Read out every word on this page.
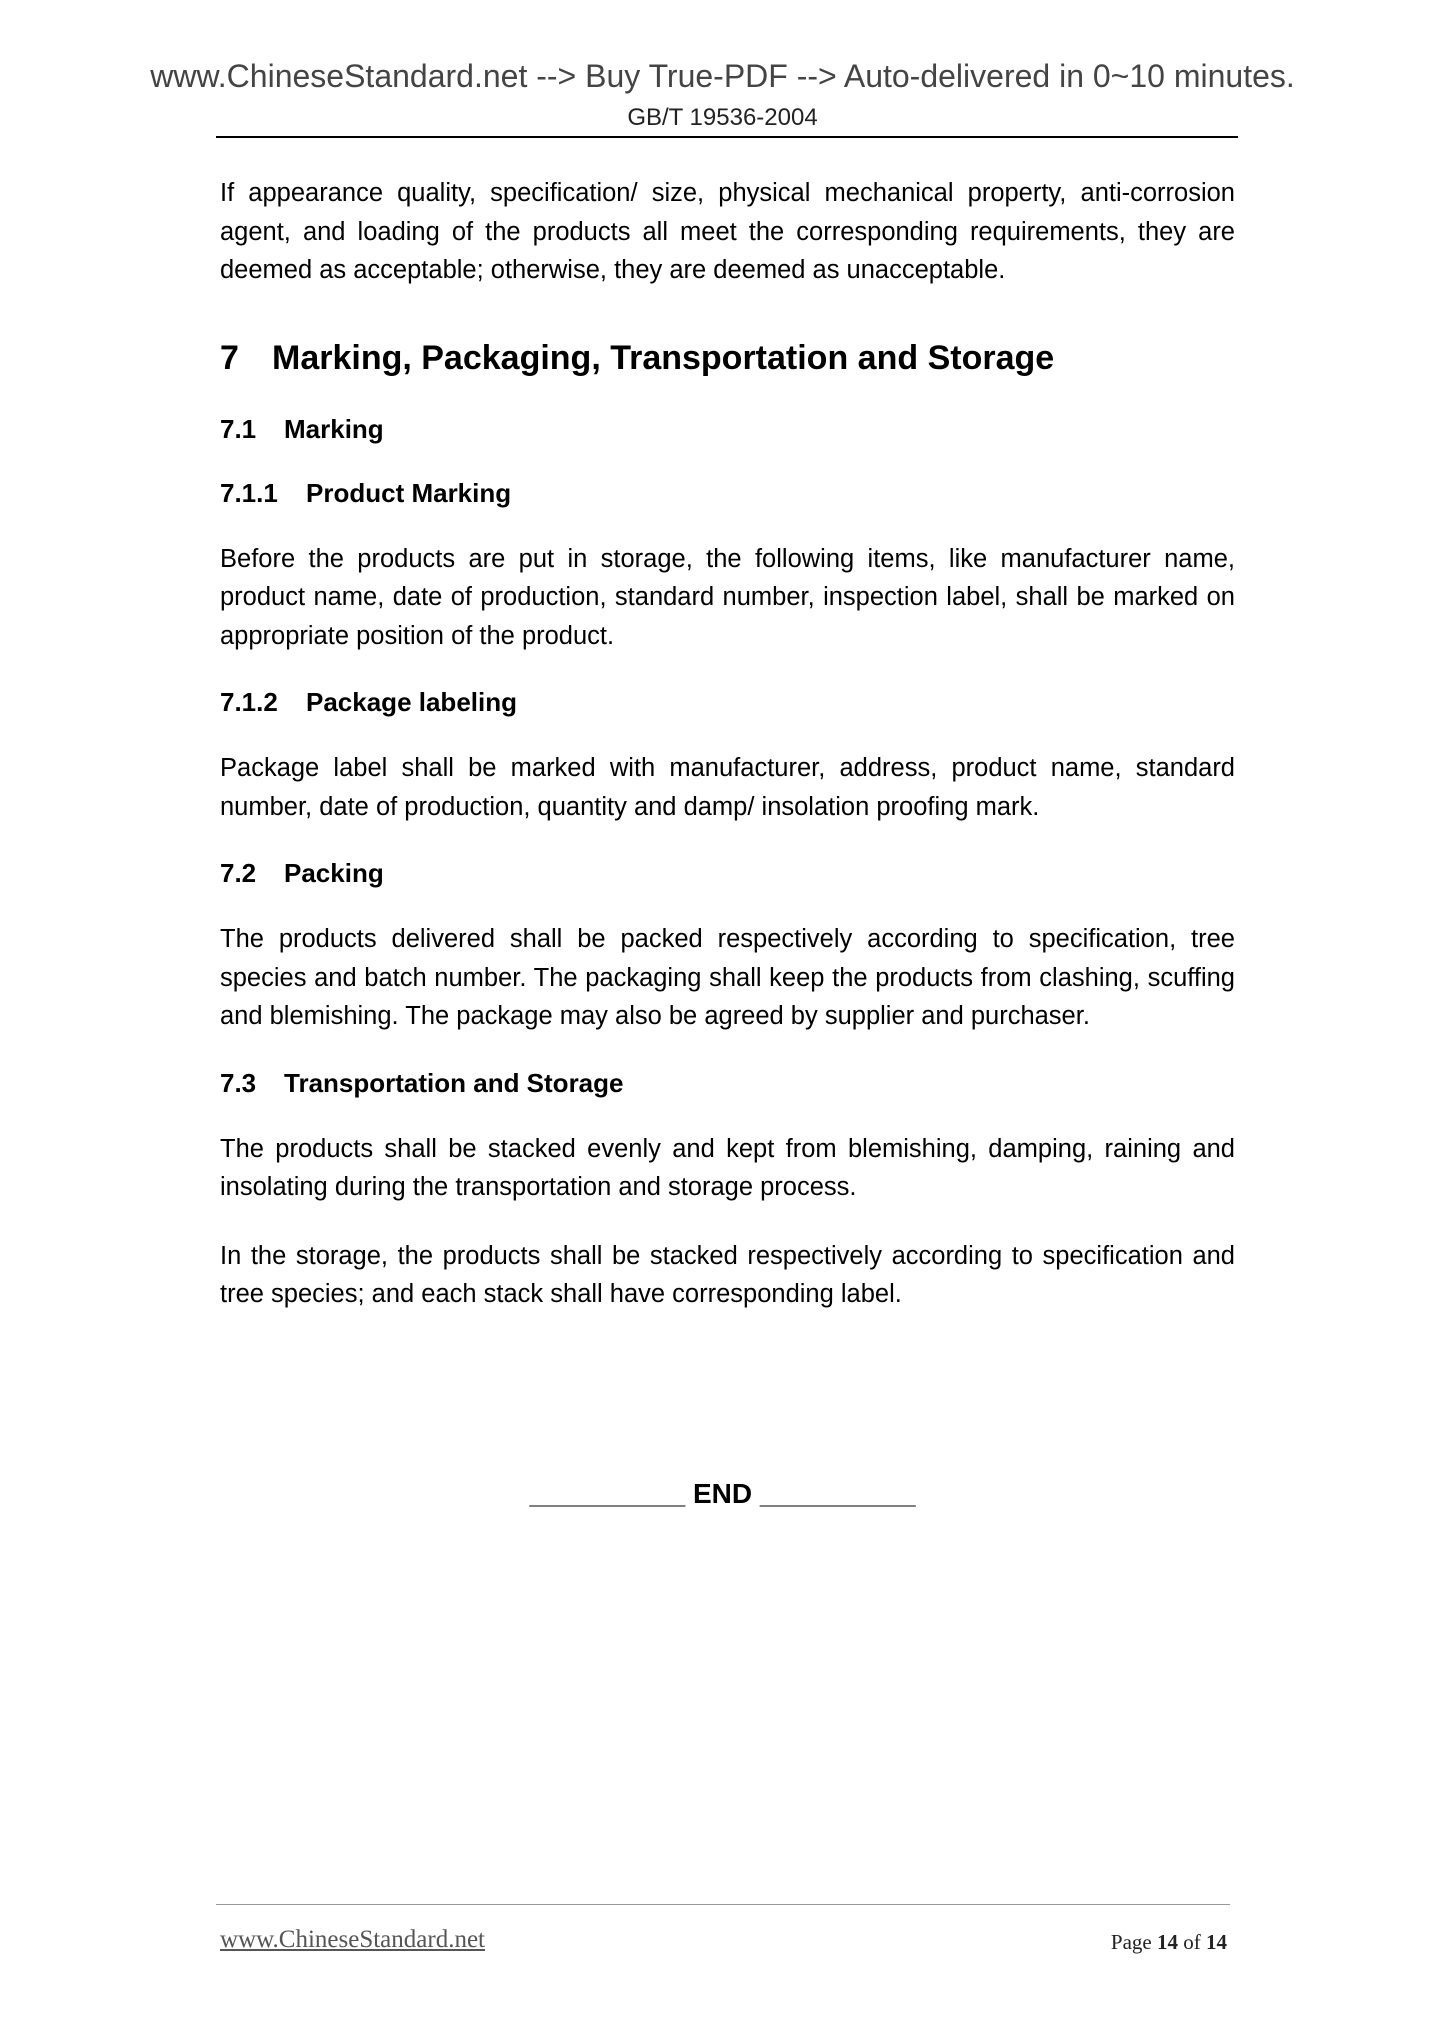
www.ChineseStandard.net --> Buy True-PDF --> Auto-delivered in 0~10 minutes.
GB/T 19536-2004

If appearance quality, specification/ size, physical mechanical property, anti-corrosion agent, and loading of the products all meet the corresponding requirements, they are deemed as acceptable; otherwise, they are deemed as unacceptable.

7 Marking, Packaging, Transportation and Storage
7.1 Marking
7.1.1 Product Marking

Before the products are put in storage, the following items, like manufacturer name, product name, date of production, standard number, inspection label, shall be marked on appropriate position of the product.

7.1.2 Package labeling

Package label shall be marked with manufacturer, address, product name, standard number, date of production, quantity and damp/ insolation proofing mark.

7.2 Packing

The products delivered shall be packed respectively according to specification, tree species and batch number. The packaging shall keep the products from clashing, scuffing and blemishing. The package may also be agreed by supplier and purchaser.

7.3 Transportation and Storage

The products shall be stacked evenly and kept from blemishing, damping, raining and insolating during the transportation and storage process.

In the storage, the products shall be stacked respectively according to specification and tree species; and each stack shall have corresponding label.

__________ END __________
www.ChineseStandard.net	Page 14 of 14
